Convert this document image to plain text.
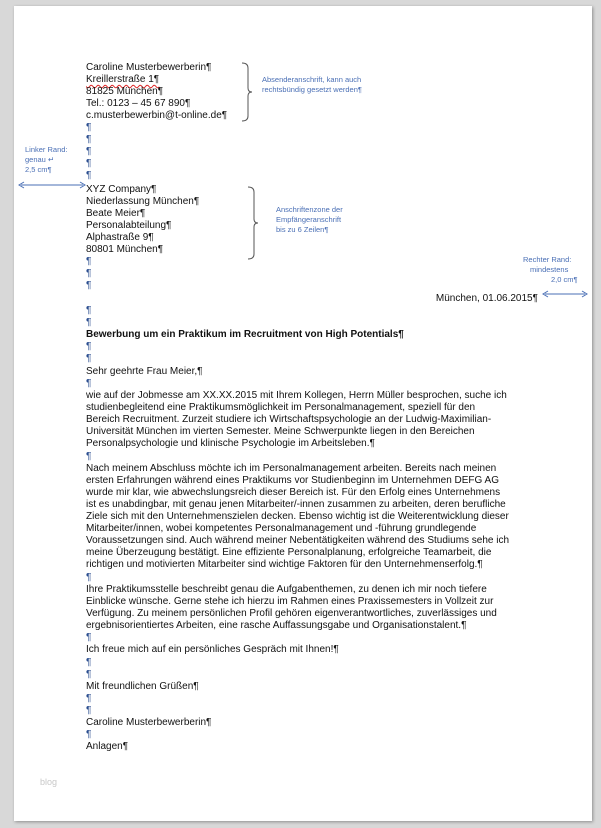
Caroline Musterbewerberin¶
Kreillerstraße 1¶
81825 München¶
Tel.: 0123 – 45 67 890¶
c.musterbewerbin@t-online.de¶
Absenderanschrift, kann auch
rechtsbündig gesetzt werden¶
¶
¶
¶
¶
¶
Linker Rand:
genau ↵
2,5 cm¶
XYZ Company¶
Niederlassung München¶
Beate Meier¶
Personalabteilung¶
Alphastraße 9¶
80801 München¶
Anschriftenzone der
Empfängeranschrift
bis zu 6 Zeilen¶
¶
¶
¶
Rechter Rand:
mindestens
2,0 cm¶
München, 01.06.2015¶
¶
¶
Bewerbung um ein Praktikum im Recruitment von High Potentials¶
¶
¶
Sehr geehrte Frau Meier,¶
¶
wie auf der Jobmesse am XX.XX.2015 mit Ihrem Kollegen, Herrn Müller besprochen, suche ich
studienbegleitend eine Praktikumsmöglichkeit im Personalmanagement, speziell für den
Bereich Recruitment. Zurzeit studiere ich Wirtschaftspsychologie an der Ludwig-Maximilian-
Universität München im vierten Semester. Meine Schwerpunkte liegen in den Bereichen
Personalpsychologie und klinische Psychologie im Arbeitsleben.¶
¶
Nach meinem Abschluss möchte ich im Personalmanagement arbeiten. Bereits nach meinen
ersten Erfahrungen während eines Praktikums vor Studienbeginn im Unternehmen DEFG AG
wurde mir klar, wie abwechslungsreich dieser Bereich ist. Für den Erfolg eines Unternehmens
ist es unabdingbar, mit genau jenen Mitarbeiter/-innen zusammen zu arbeiten, deren berufliche
Ziele sich mit den Unternehmenszielen decken. Ebenso wichtig ist die Weiterentwicklung dieser
Mitarbeiter/innen, wobei kompetentes Personalmanagement und -führung grundlegende
Voraussetzungen sind. Auch während meiner Nebentätigkeiten während des Studiums sehe ich
meine Überzeugung bestätigt. Eine effiziente Personalplanung, erfolgreiche Teamarbeit, die
richtigen und motivierten Mitarbeiter sind wichtige Faktoren für den Unternehmenserfolg.¶
¶
Ihre Praktikumsstelle beschreibt genau die Aufgabenthemen, zu denen ich mir noch tiefere
Einblicke wünsche. Gerne stehe ich hierzu im Rahmen eines Praxissemesters in Vollzeit zur
Verfügung. Zu meinem persönlichen Profil gehören eigenverantwortliches, zuverlässiges und
ergebnisorientiertes Arbeiten, eine rasche Auffassungsgabe und Organisationstalent.¶
¶
Ich freue mich auf ein persönliches Gespräch mit Ihnen!¶
¶
¶
Mit freundlichen Grüßen¶
¶
¶
Caroline Musterbewerberin¶
¶
Anlagen¶
blog
